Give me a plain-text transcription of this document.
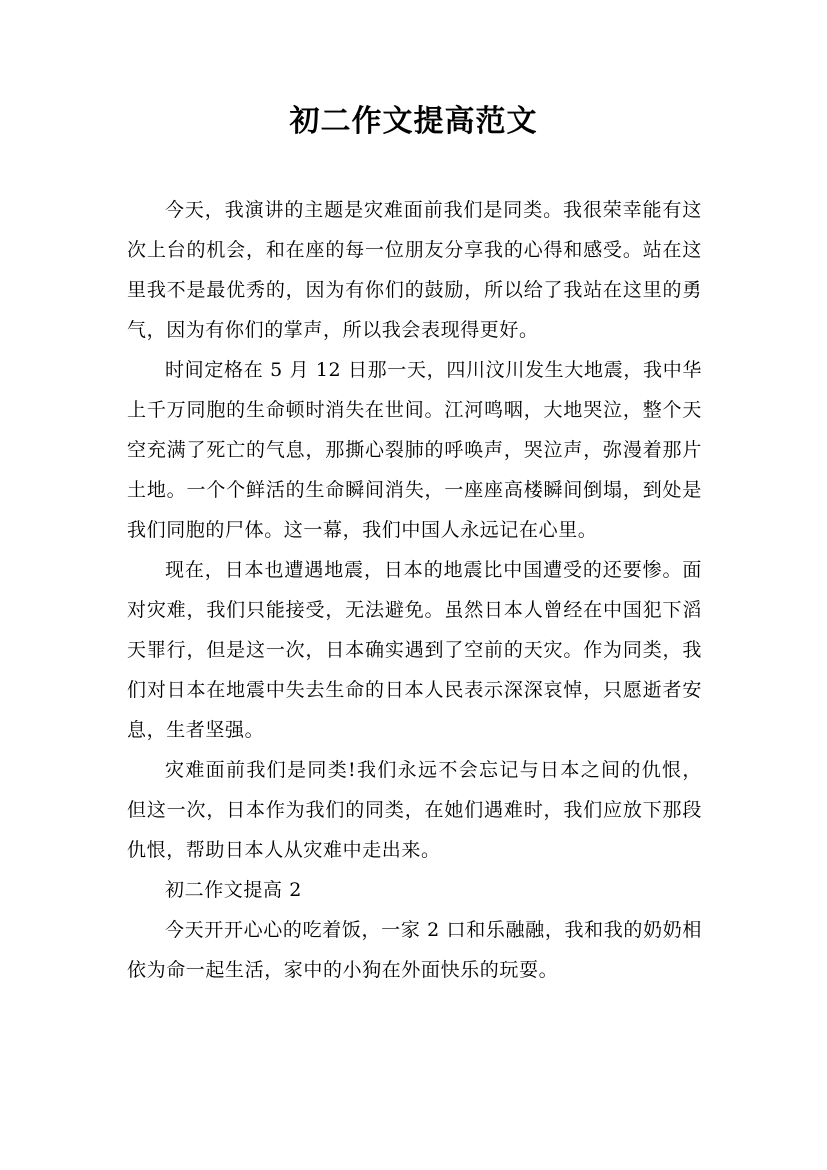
初二作文提高范文

今天，我演讲的主题是灾难面前我们是同类。我很荣幸能有这次上台的机会，和在座的每一位朋友分享我的心得和感受。站在这里我不是最优秀的，因为有你们的鼓励，所以给了我站在这里的勇气，因为有你们的掌声，所以我会表现得更好。

时间定格在 5 月 12 日那一天，四川汶川发生大地震，我中华上千万同胞的生命顿时消失在世间。江河鸣咽，大地哭泣，整个天空充满了死亡的气息，那撕心裂肺的呼唤声，哭泣声，弥漫着那片土地。一个个鲜活的生命瞬间消失，一座座高楼瞬间倒塌，到处是我们同胞的尸体。这一幕，我们中国人永远记在心里。

现在，日本也遭遇地震，日本的地震比中国遭受的还要惨。面对灾难，我们只能接受，无法避免。虽然日本人曾经在中国犯下滔天罪行，但是这一次，日本确实遇到了空前的天灾。作为同类，我们对日本在地震中失去生命的日本人民表示深深哀悼，只愿逝者安息，生者坚强。

灾难面前我们是同类!我们永远不会忘记与日本之间的仇恨，但这一次，日本作为我们的同类，在她们遇难时，我们应放下那段仇恨，帮助日本人从灾难中走出来。

初二作文提高 2

今天开开心心的吃着饭，一家 2 口和乐融融，我和我的奶奶相依为命一起生活，家中的小狗在外面快乐的玩耍。
